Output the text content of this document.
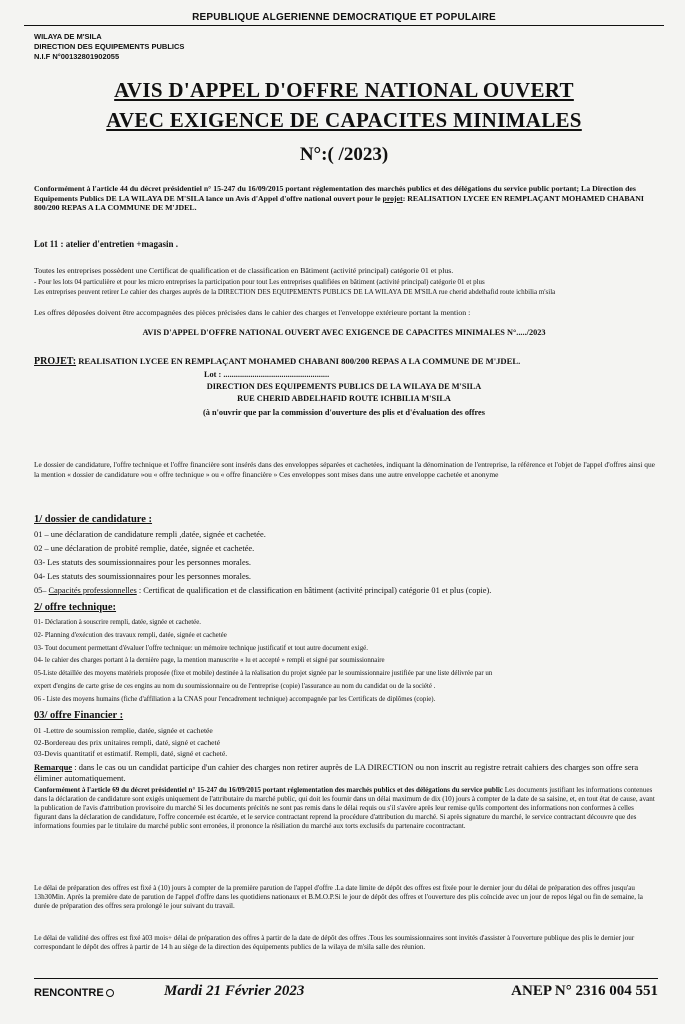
REPUBLIQUE ALGERIENNE DEMOCRATIQUE ET POPULAIRE
WILAYA DE M'SILA
DIRECTION DES EQUIPEMENTS PUBLICS
N.I.F N°00132801902055
AVIS D'APPEL D'OFFRE NATIONAL OUVERT
AVEC EXIGENCE DE CAPACITES MINIMALES
N°:( /2023)
Conformément à l'article 44 du décret présidentiel n° 15-247 du 16/09/2015 portant réglementation des marchés publics et des délégations du service public portant; La Direction des Equipements Publics DE LA WILAYA DE M'SILA lance un Avis d'Appel d'offre national ouvert pour le projet: REALISATION LYCEE EN REMPLAÇANT MOHAMED CHABANI 800/200 REPAS A LA COMMUNE DE M'JDEL.
Lot 11 : atelier d'entretien +magasin .
Toutes les entreprises possèdent une Certificat de qualification et de classification en Bâtiment (activité principal) catégorie 01 et plus.
- Pour les lots 04 particulière et pour les micro entreprises la participation pour tout Les entreprises qualifiées en bâtiment (activité principal) catégorie 01 et plus
Les entreprises peuvent retirer Le cahier des charges auprès de la DIRECTION DES EQUIPEMENTS PUBLICS DE LA WILAYA DE M'SILA rue cherid abdelhafid route ichbilia m'sila
Les offres déposées doivent être accompagnées des pièces précisées dans le cahier des charges et l'enveloppe extérieure portant la mention :
AVIS D'APPEL D'OFFRE NATIONAL OUVERT AVEC EXIGENCE DE CAPACITES MINIMALES N°...../2023
PROJET: REALISATION LYCEE EN REMPLAÇANT MOHAMED CHABANI 800/200 REPAS A LA COMMUNE DE M'JDEL.
Lot : ...................................................
DIRECTION DES EQUIPEMENTS PUBLICS DE LA WILAYA DE M'SILA
RUE CHERID ABDELHAFID ROUTE ICHBILIA M'SILA
(à n'ouvrir que par la commission d'ouverture des plis et d'évaluation des offres
Le dossier de candidature, l'offre technique et l'offre financière sont insérés dans des enveloppes séparées et cachetées, indiquant la dénomination de l'entreprise, la référence et l'objet de l'appel d'offres ainsi que la mention « dossier de candidature »ou « offre technique » ou « offre financière » Ces enveloppes sont mises dans une autre enveloppe cachetée et anonyme
1/ dossier de candidature :
01 – une déclaration de candidature rempli ,datée, signée et cachetée.
02 – une déclaration de probité remplie, datée, signée et cachetée.
03- Les statuts des soumissionnaires pour les personnes morales.
04- Les statuts des soumissionnaires pour les personnes morales.
05– Capacités professionnelles : Certificat de qualification et de classification en bâtiment (activité principal) catégorie 01 et plus (copie).
2/ offre technique:
01- Déclaration à souscrire rempli, datée, signée et cachetée.
02- Planning d'exécution des travaux rempli, datée, signée et cachetée
03- Tout document permettant d'évaluer l'offre technique: un mémoire technique justificatif et tout autre document exigé.
04- le cahier des charges portant à la dernière page, la mention manuscrite « lu et accepté » rempli et signé par soumissionnaire
05-Liste détaillée des moyens matériels proposée (fixe et mobile) destinée à la réalisation du projet signée par le soumissionnaire justifiée par une liste délivrée par un
expert d'engins de carte grise de ces engins au nom du soumissionnaire ou de l'entreprise (copie) l'assurance au nom du candidat ou de la société .
06 - Liste des moyens humains (fiche d'affiliation a la CNAS pour l'encadrement technique) accompagnée par les Certificats de diplômes (copie).
03/ offre Financier :
01 -Lettre de soumission remplie, datée, signée et cachetée
02-Bordereau des prix unitaires rempli, daté, signé et cacheté
03-Devis quantitatif et estimatif. Rempli, daté, signé et cacheté.
Remarque : dans le cas ou un candidat participe d'un cahier des charges non retirer auprès de LA DIRECTION ou non inscrit au registre retrait cahiers des charges son offre sera éliminer automatiquement.
Conformément à l'article 69 du décret présidentiel n° 15-247 du 16/09/2015 portant réglementation des marchés publics et des délégations du service public Les documents justifiant les informations contenues dans la déclaration de candidature sont exigés uniquement de l'attributaire du marché public, qui doit les fournir dans un délai maximum de dix (10) jours à compter de la date de sa saisine, et, en tout état de cause, avant la publication de l'avis d'attribution provisoire du marché Si les documents précités ne sont pas remis dans le délai requis ou s'il s'avère après leur remise qu'ils comportent des informations non conformes à celles figurant dans la déclaration de candidature, l'offre concernée est écartée, et le service contractant reprend la procédure d'attribution du marché. Si après signature du marché, le service contractant découvre que des informations fournies par le titulaire du marché public sont erronées, il prononce la résiliation du marché aux torts exclusifs du partenaire cocontractant.
Le délai de préparation des offres est fixé à (10) jours à compter de la première parution de l'appel d'offre .La date limite de dépôt des offres est fixée pour le dernier jour du délai de préparation des offres jusqu'au 13h30Min. Après la première date de parution de l'appel d'offre dans les quotidiens nationaux et B.M.O.P.Si le jour de dépôt des offres et l'ouverture des plis coïncide avec un jour de repos légal ou fin de semaine, la durée de préparation des offres sera prolongé le jour suivant du travail.
Le délai de validité des offres est fixé à03 mois+ délai de préparation des offres à partir de la date de dépôt des offres .Tous les soumissionnaires sont invités d'assister à l'ouverture publique des plis le dernier jour correspondant le dépôt des offres à partir de 14 h au siège de la direction des équipements publics de la wilaya de m'sila salle des réunion.
RENCONTRE	Mardi 21 Février 2023	ANEP N° 2316 004 551
